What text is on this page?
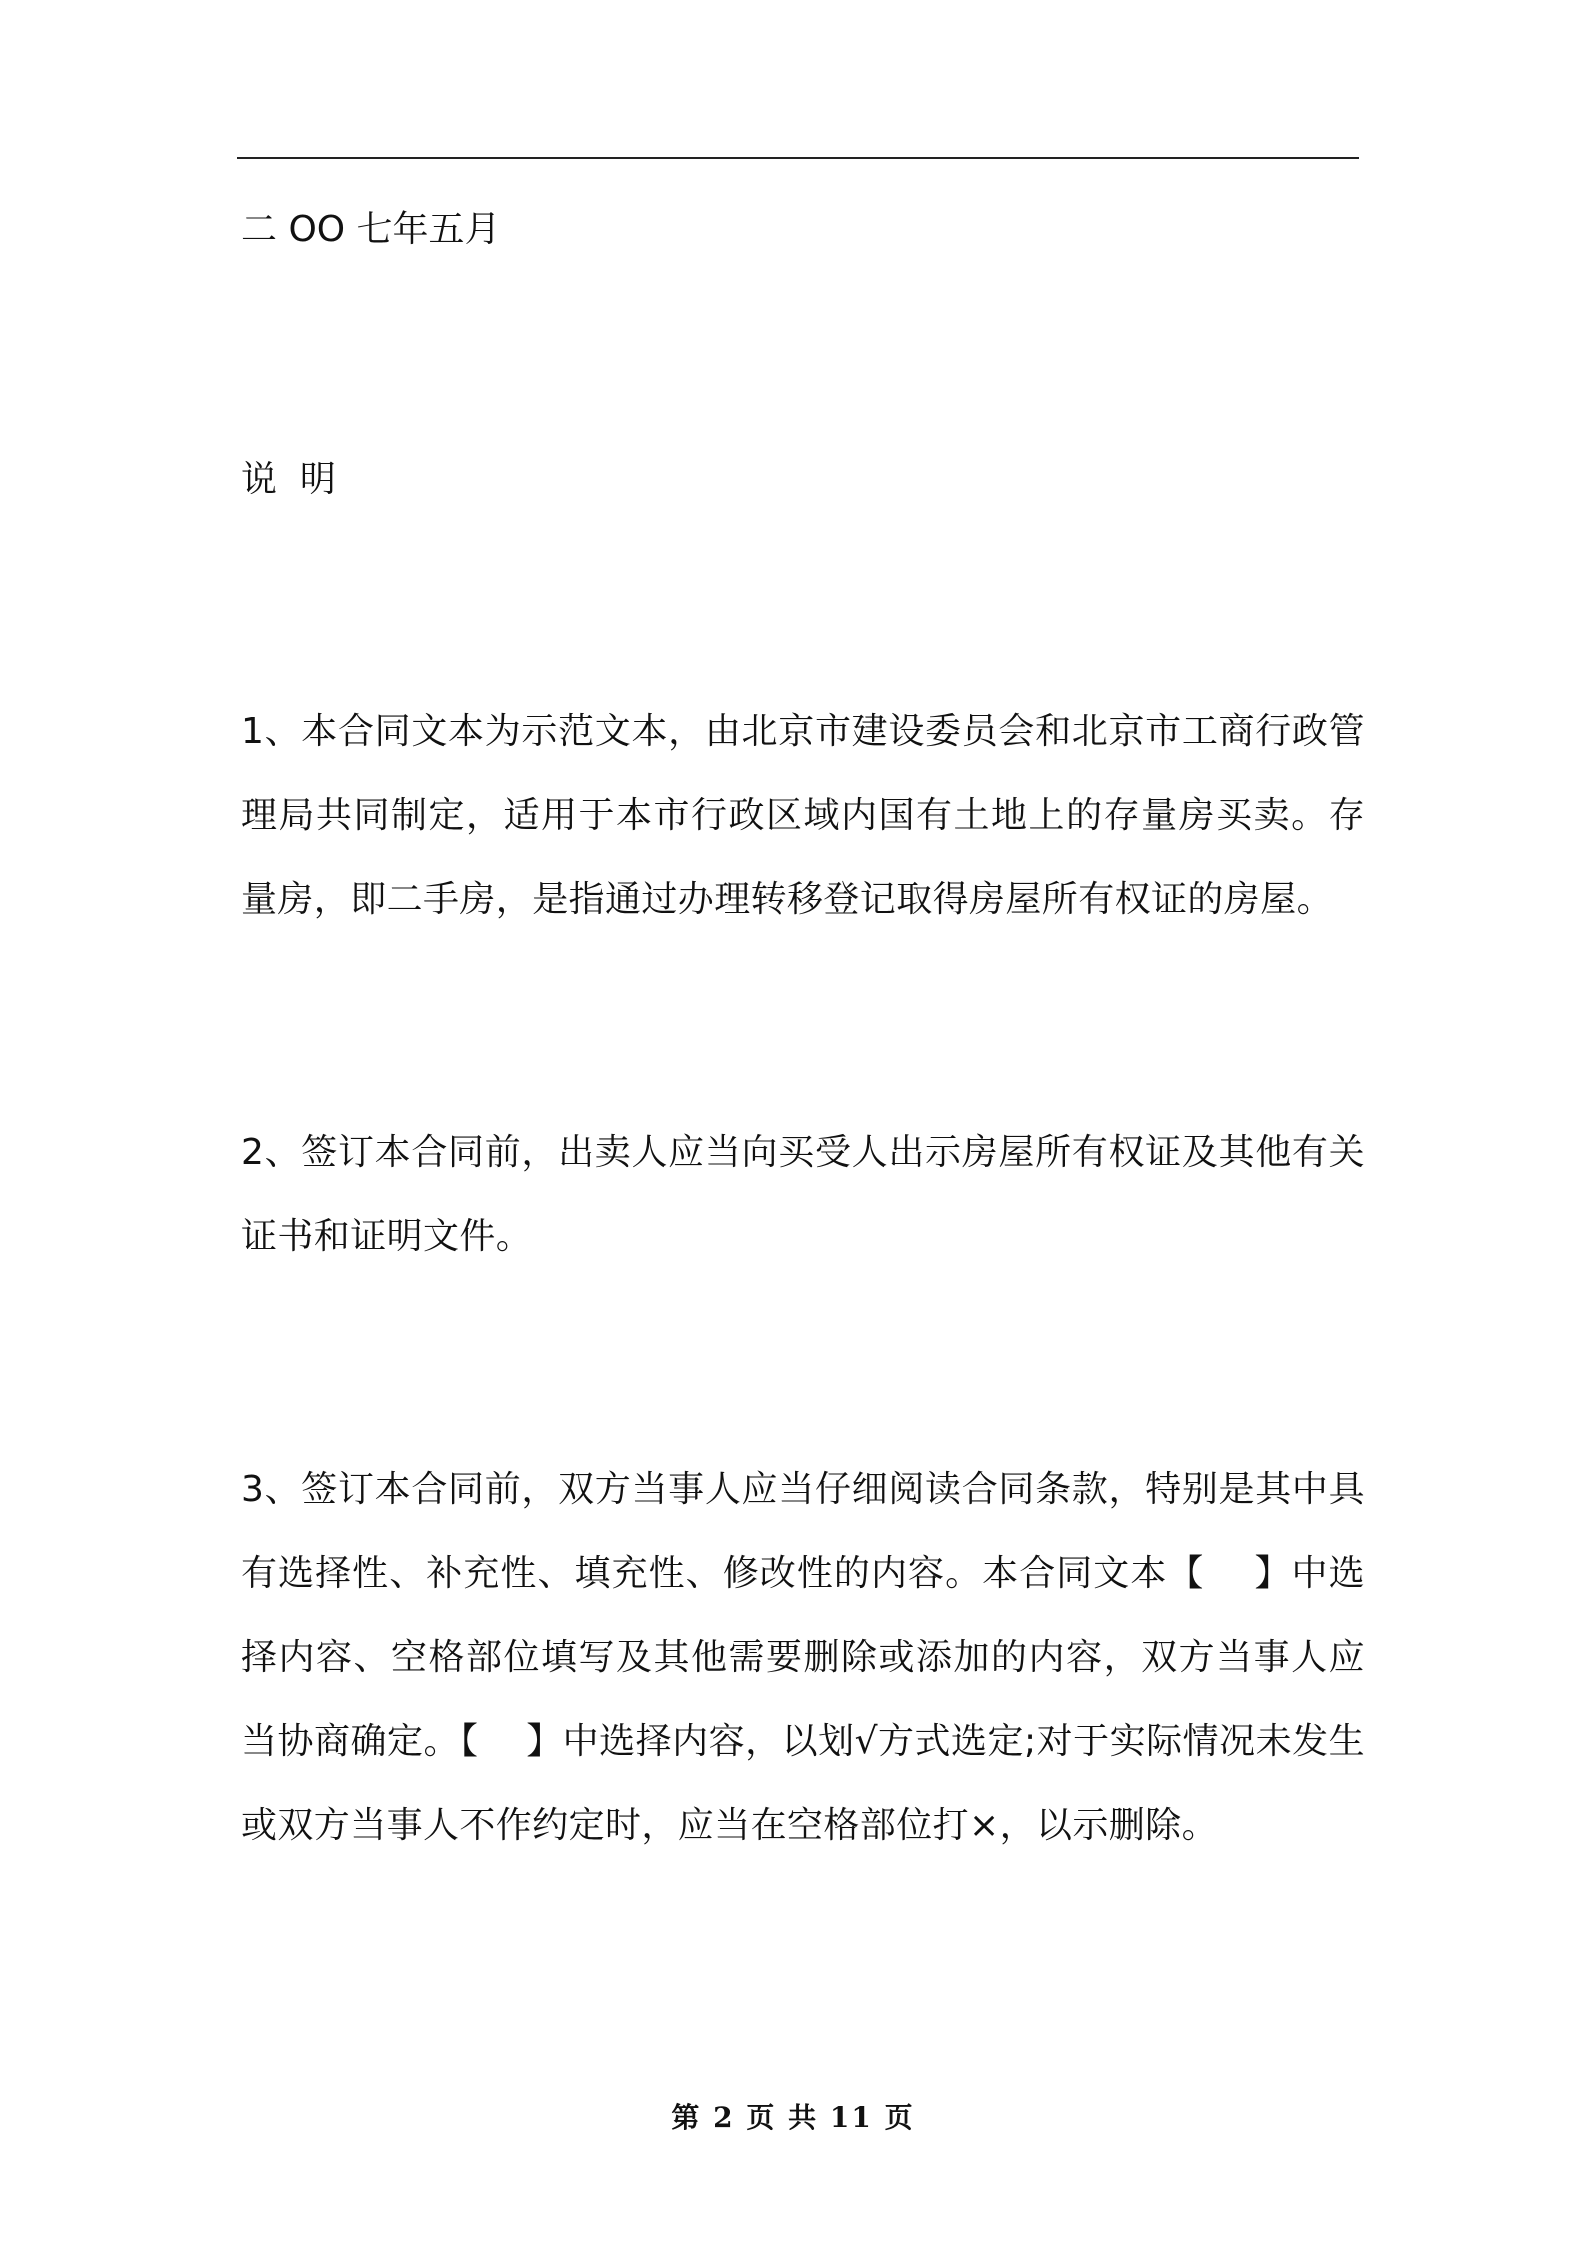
二 OO 七年五月
说  明

1、本合同文本为示范文本，由北京市建设委员会和北京市工商行政管理局共同制定，适用于本市行政区域内国有土地上的存量房买卖。存量房，即二手房，是指通过办理转移登记取得房屋所有权证的房屋。

2、签订本合同前，出卖人应当向买受人出示房屋所有权证及其他有关证书和证明文件。

3、签订本合同前，双方当事人应当仔细阅读合同条款，特别是其中具有选择性、补充性、填充性、修改性的内容。本合同文本【    】中选择内容、空格部位填写及其他需要删除或添加的内容，双方当事人应当协商确定。【    】中选择内容，以划√方式选定;对于实际情况未发生或双方当事人不作约定时，应当在空格部位打×，以示删除。

第 2 页 共 11 页
